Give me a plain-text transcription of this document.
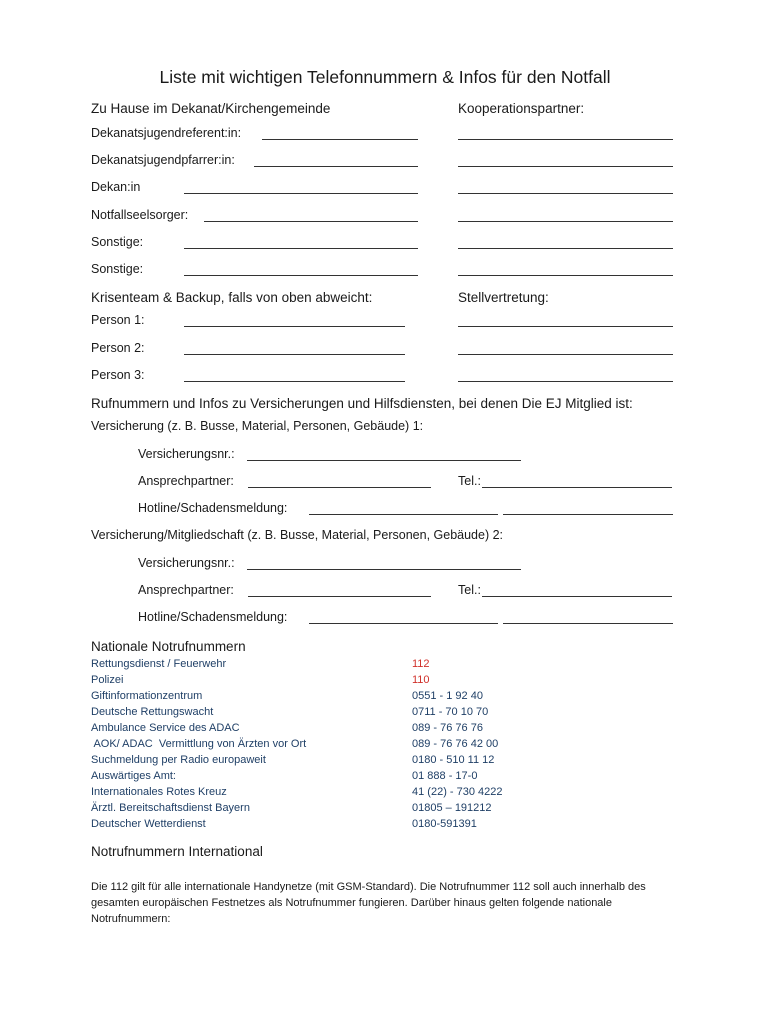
Liste mit wichtigen Telefonnummern & Infos für den Notfall
Zu Hause im Dekanat/Kirchengemeinde	Kooperationspartner:
Dekanatsjugendreferent:in:
Dekanatsjugendpfarrer:in:
Dekan:in
Notfallseelsorger:
Sonstige:
Sonstige:
Krisenteam & Backup, falls von oben abweicht:	Stellvertretung:
Person 1:
Person 2:
Person 3:
Rufnummern und Infos zu Versicherungen und Hilfsdiensten, bei denen Die EJ Mitglied ist:
Versicherung (z. B. Busse, Material, Personen, Gebäude) 1:
Versicherungsnr.:
Ansprechpartner:	Tel.:
Hotline/Schadensmeldung:
Versicherung/Mitgliedschaft (z. B. Busse, Material, Personen, Gebäude) 2:
Versicherungsnr.:
Ansprechpartner:	Tel.:
Hotline/Schadensmeldung:
Nationale Notrufnummern
Rettungsdienst / Feuerwehr	112
Polizei	110
Giftinformationzentrum	0551 - 1 92 40
Deutsche Rettungswacht	0711 - 70 10 70
Ambulance Service des ADAC	089 - 76 76 76
AOK/ ADAC  Vermittlung von Ärzten vor Ort	089 - 76 76 42 00
Suchmeldung per Radio europaweit	0180 - 510 11 12
Auswärtiges Amt:	01 888 - 17-0
Internationales Rotes Kreuz	41 (22) - 730 4222
Ärztl. Bereitschaftsdienst Bayern	01805 – 191212
Deutscher Wetterdienst	0180-591391
Notrufnummern International
Die 112 gilt für alle internationale Handynetze (mit GSM-Standard). Die Notrufnummer 112 soll auch innerhalb des gesamten europäischen Festnetzes als Notrufnummer fungieren. Darüber hinaus gelten folgende nationale Notrufnummern:
